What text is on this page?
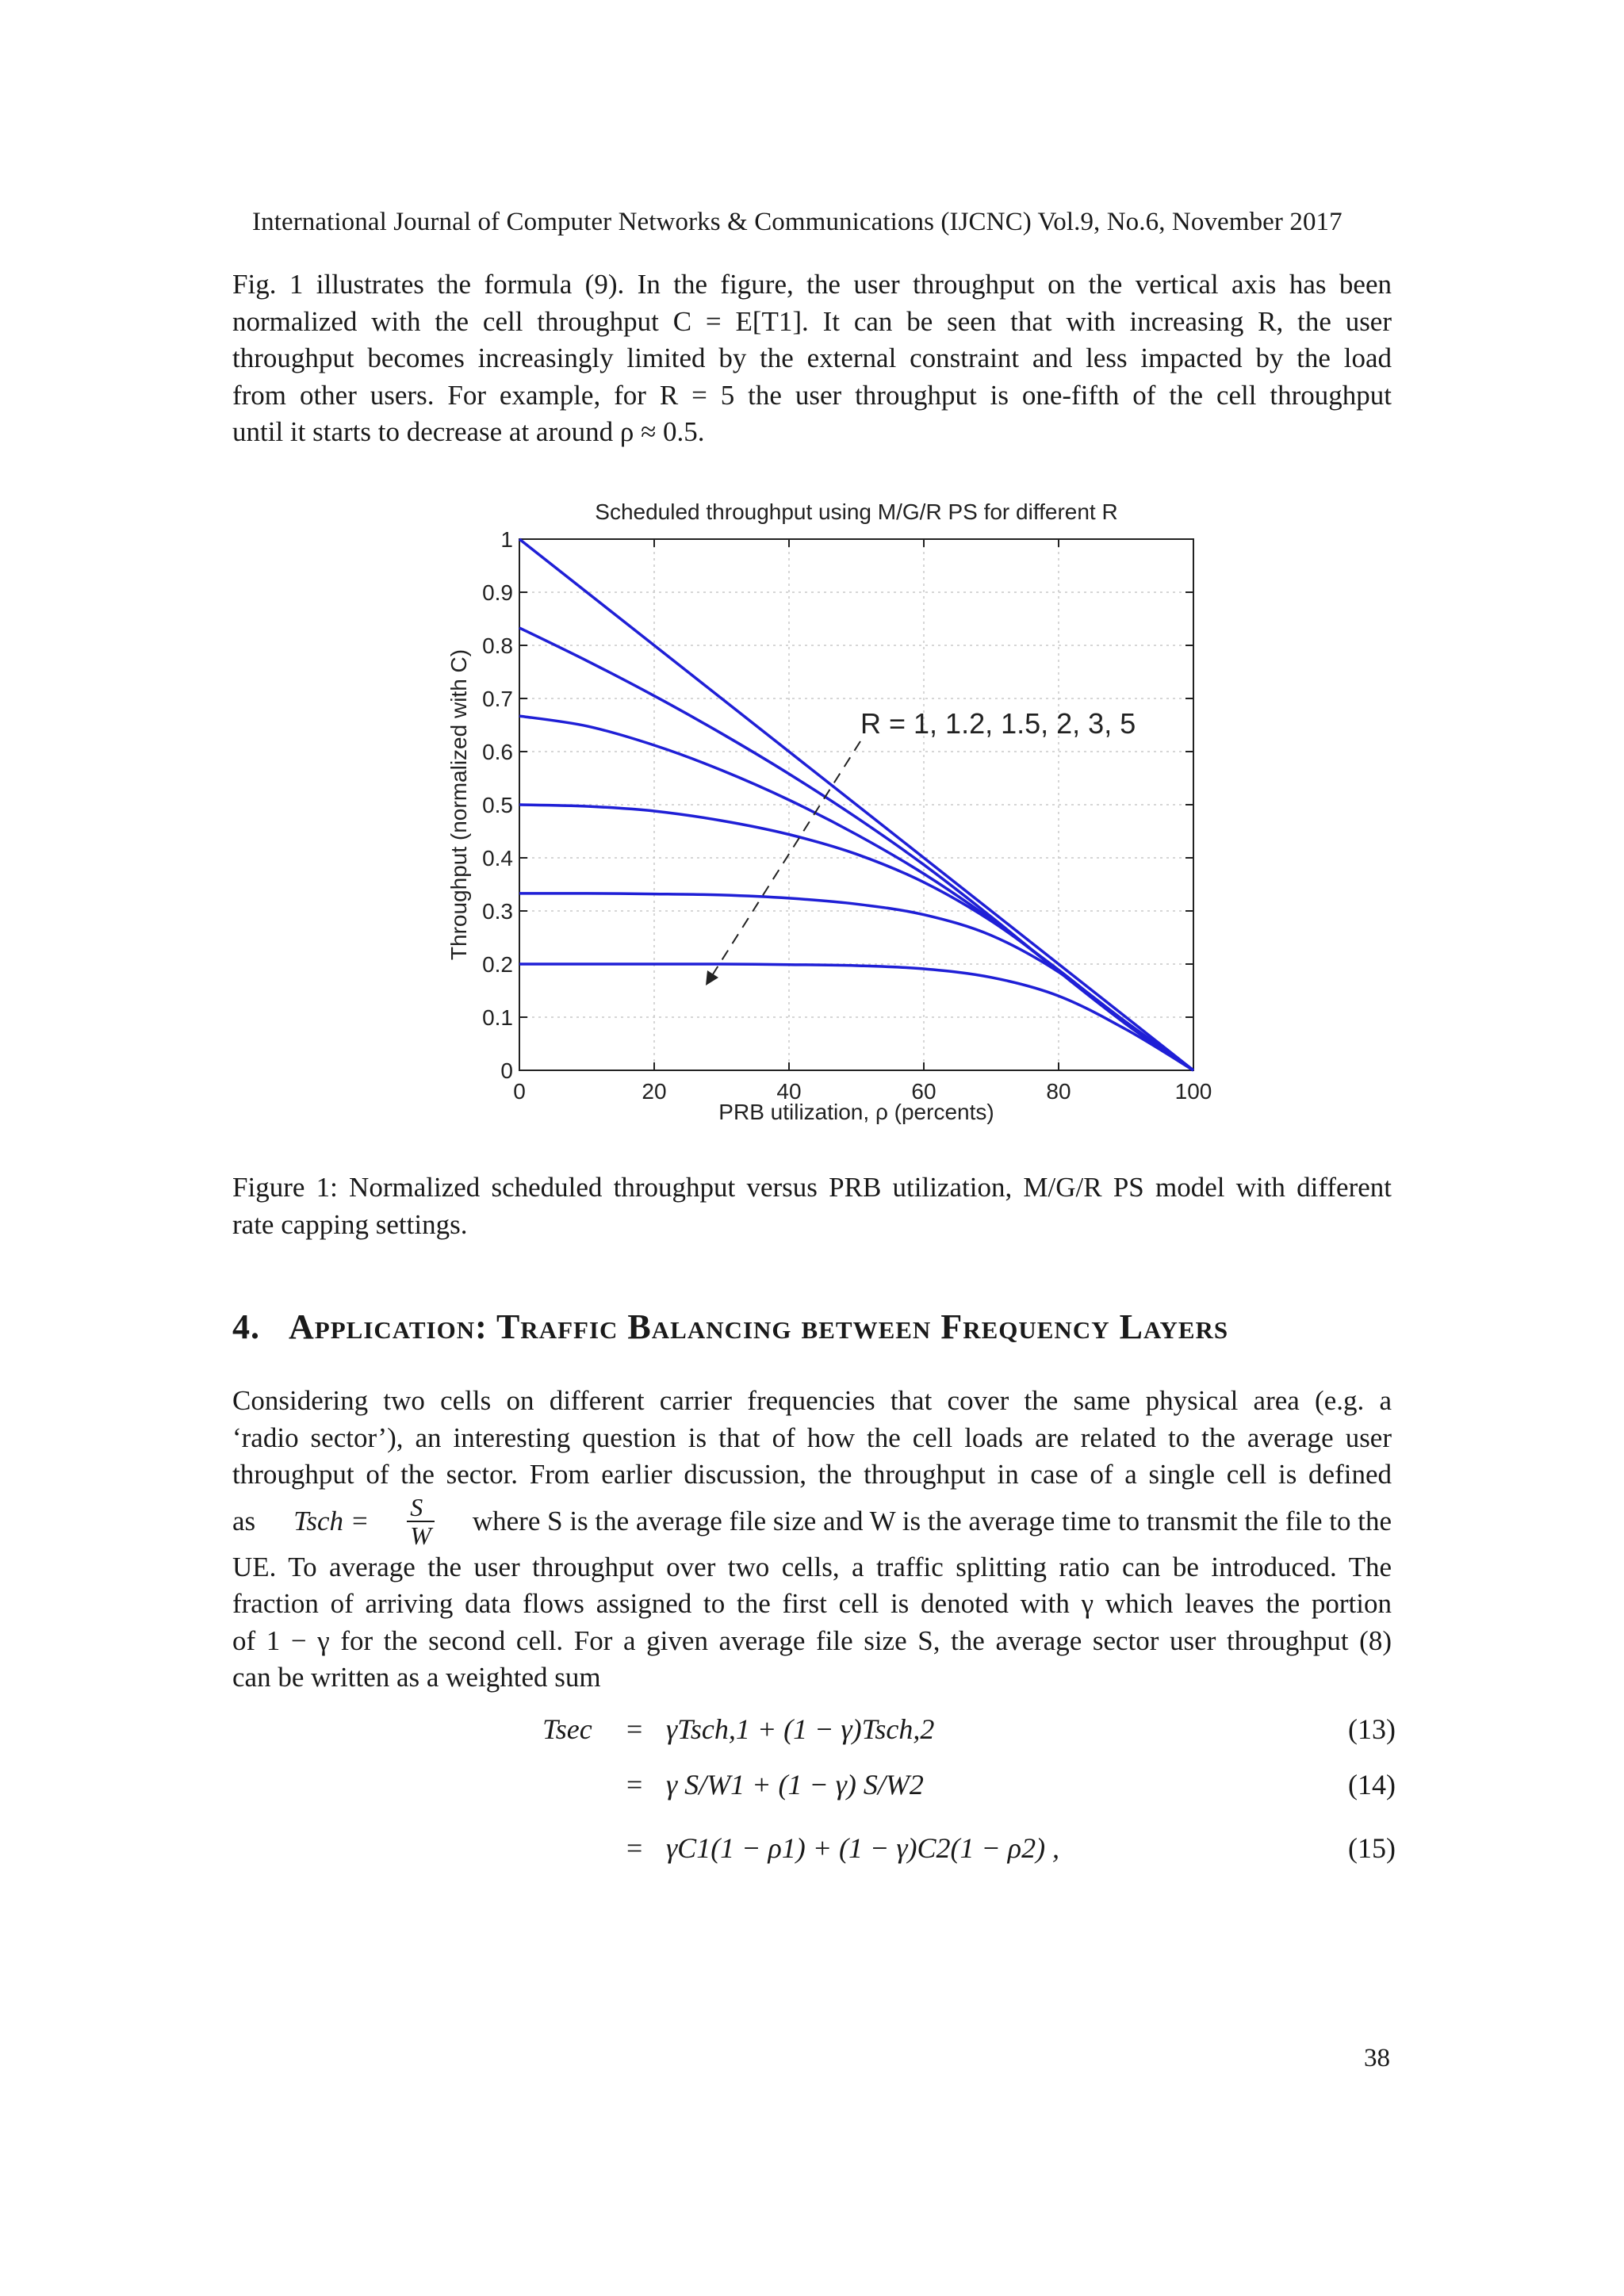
International Journal of Computer Networks & Communications (IJCNC) Vol.9, No.6, November 2017
Fig. 1 illustrates the formula (9). In the figure, the user throughput on the vertical axis has been
normalized with the cell throughput C = E[T1]. It can be seen that with increasing R, the user
throughput becomes increasingly limited by the external constraint and less impacted by the load
from other users. For example, for R = 5 the user throughput is one-fifth of the cell throughput
until it starts to decrease at around ρ ≈ 0.5.
0	20	40	60	80	100
0
0.1
0.2
0.3
0.4
0.5
0.6
0.7
0.8
0.9
1
Scheduled throughput using M/G/R PS for different R
PRB utilization, ρ (percents)
Throughput (normalized with C)	R = 1, 1.2, 1.5, 2, 3, 5
Figure 1: Normalized scheduled throughput versus PRB utilization, M/G/R PS model with different
rate capping settings.
4. Application: Traffic Balancing between Frequency Layers
Considering two cells on different carrier frequencies that cover the same physical area (e.g. a
‘radio sector’), an interesting question is that of how the cell loads are related to the average user
throughput of the sector. From earlier discussion, the throughput in case of a single cell is defined
as Tsch = $\frac{S}{W}$ where S is the average file size and W is the average time to transmit the file to the
UE. To average the user throughput over two cells, a traffic splitting ratio can be introduced. The
fraction of arriving data flows assigned to the first cell is denoted with γ which leaves the portion
of 1 − γ for the second cell. For a given average file size S, the average sector user throughput (8)
can be written as a weighted sum
Tsec = γTsch,1 + (1 − γ)Tsch,2	(13)
= γ S/W1 + (1 − γ) S/W2	(14)
= γC1(1 − ρ1) + (1 − γ)C2(1 − ρ2) ,	(15)
38
